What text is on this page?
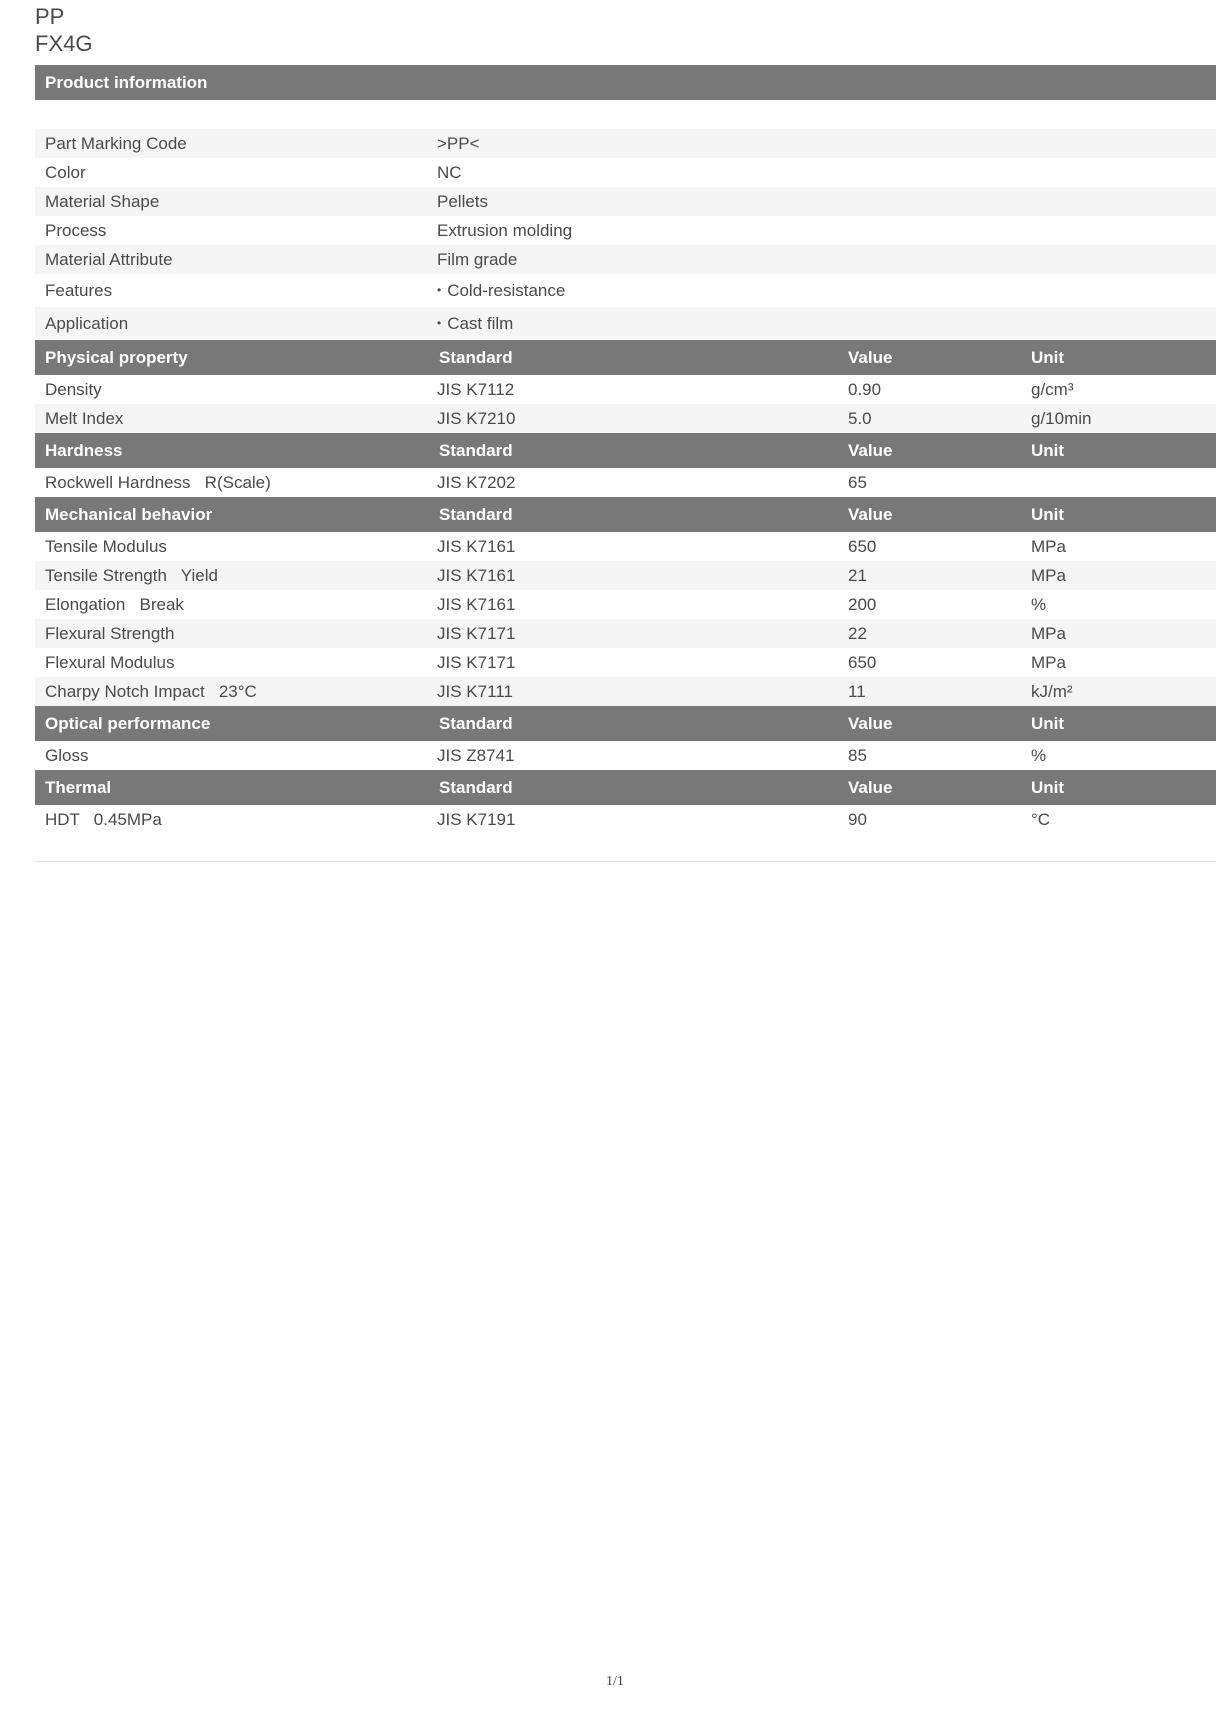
PP
FX4G
Product information
Part Marking Code	>PP<
Color	NC
Material Shape	Pellets
Process	Extrusion molding
Material Attribute	Film grade
Features	• Cold-resistance
Application	• Cast film
Physical property	Standard	Value	Unit
Density	JIS K7112	0.90	g/cm³
Melt Index	JIS K7210	5.0	g/10min
Hardness	Standard	Value	Unit
Rockwell Hardness   R(Scale)	JIS K7202	65
Mechanical behavior	Standard	Value	Unit
Tensile Modulus	JIS K7161	650	MPa
Tensile Strength   Yield	JIS K7161	21	MPa
Elongation   Break	JIS K7161	200	%
Flexural Strength	JIS K7171	22	MPa
Flexural Modulus	JIS K7171	650	MPa
Charpy Notch Impact   23°C	JIS K7111	11	kJ/m²
Optical performance	Standard	Value	Unit
Gloss	JIS Z8741	85	%
Thermal	Standard	Value	Unit
HDT   0.45MPa	JIS K7191	90	°C
1/1
